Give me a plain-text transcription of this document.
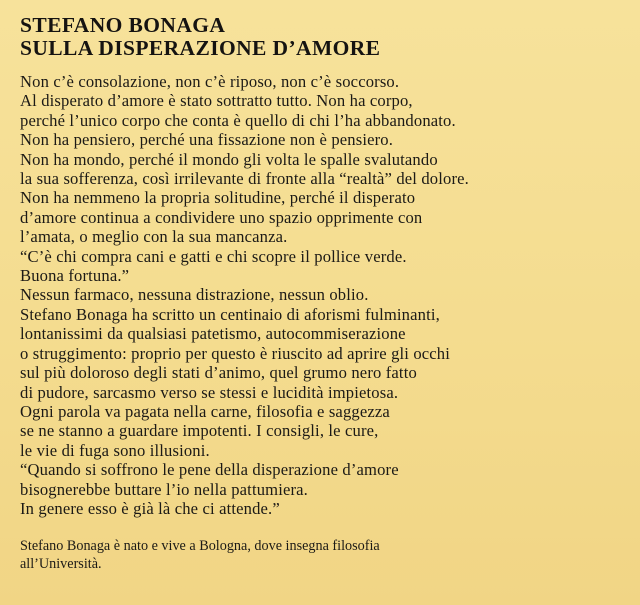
STEFANO BONAGA
SULLA DISPERAZIONE D’AMORE
Non c’è consolazione, non c’è riposo, non c’è soccorso.
Al disperato d’amore è stato sottratto tutto. Non ha corpo,
perché l’unico corpo che conta è quello di chi l’ha abbandonato.
Non ha pensiero, perché una fissazione non è pensiero.
Non ha mondo, perché il mondo gli volta le spalle svalutando
la sua sofferenza, così irrilevante di fronte alla “realtà” del dolore.
Non ha nemmeno la propria solitudine, perché il disperato
d’amore continua a condividere uno spazio opprimente con
l’amata, o meglio con la sua mancanza.
“C’è chi compra cani e gatti e chi scopre il pollice verde.
Buona fortuna.”
Nessun farmaco, nessuna distrazione, nessun oblio.
Stefano Bonaga ha scritto un centinaio di aforismi fulminanti,
lontanissimi da qualsiasi patetismo, autocommiserazione
o struggimento: proprio per questo è riuscito ad aprire gli occhi
sul più doloroso degli stati d’animo, quel grumo nero fatto
di pudore, sarcasmo verso se stessi e lucidità impietosa.
Ogni parola va pagata nella carne, filosofia e saggezza
se ne stanno a guardare impotenti. I consigli, le cure,
le vie di fuga sono illusioni.
“Quando si soffrono le pene della disperazione d’amore
bisognerebbe buttare l’io nella pattumiera.
In genere esso è già là che ci attende.”
Stefano Bonaga è nato e vive a Bologna, dove insegna filosofia
all’Università.
